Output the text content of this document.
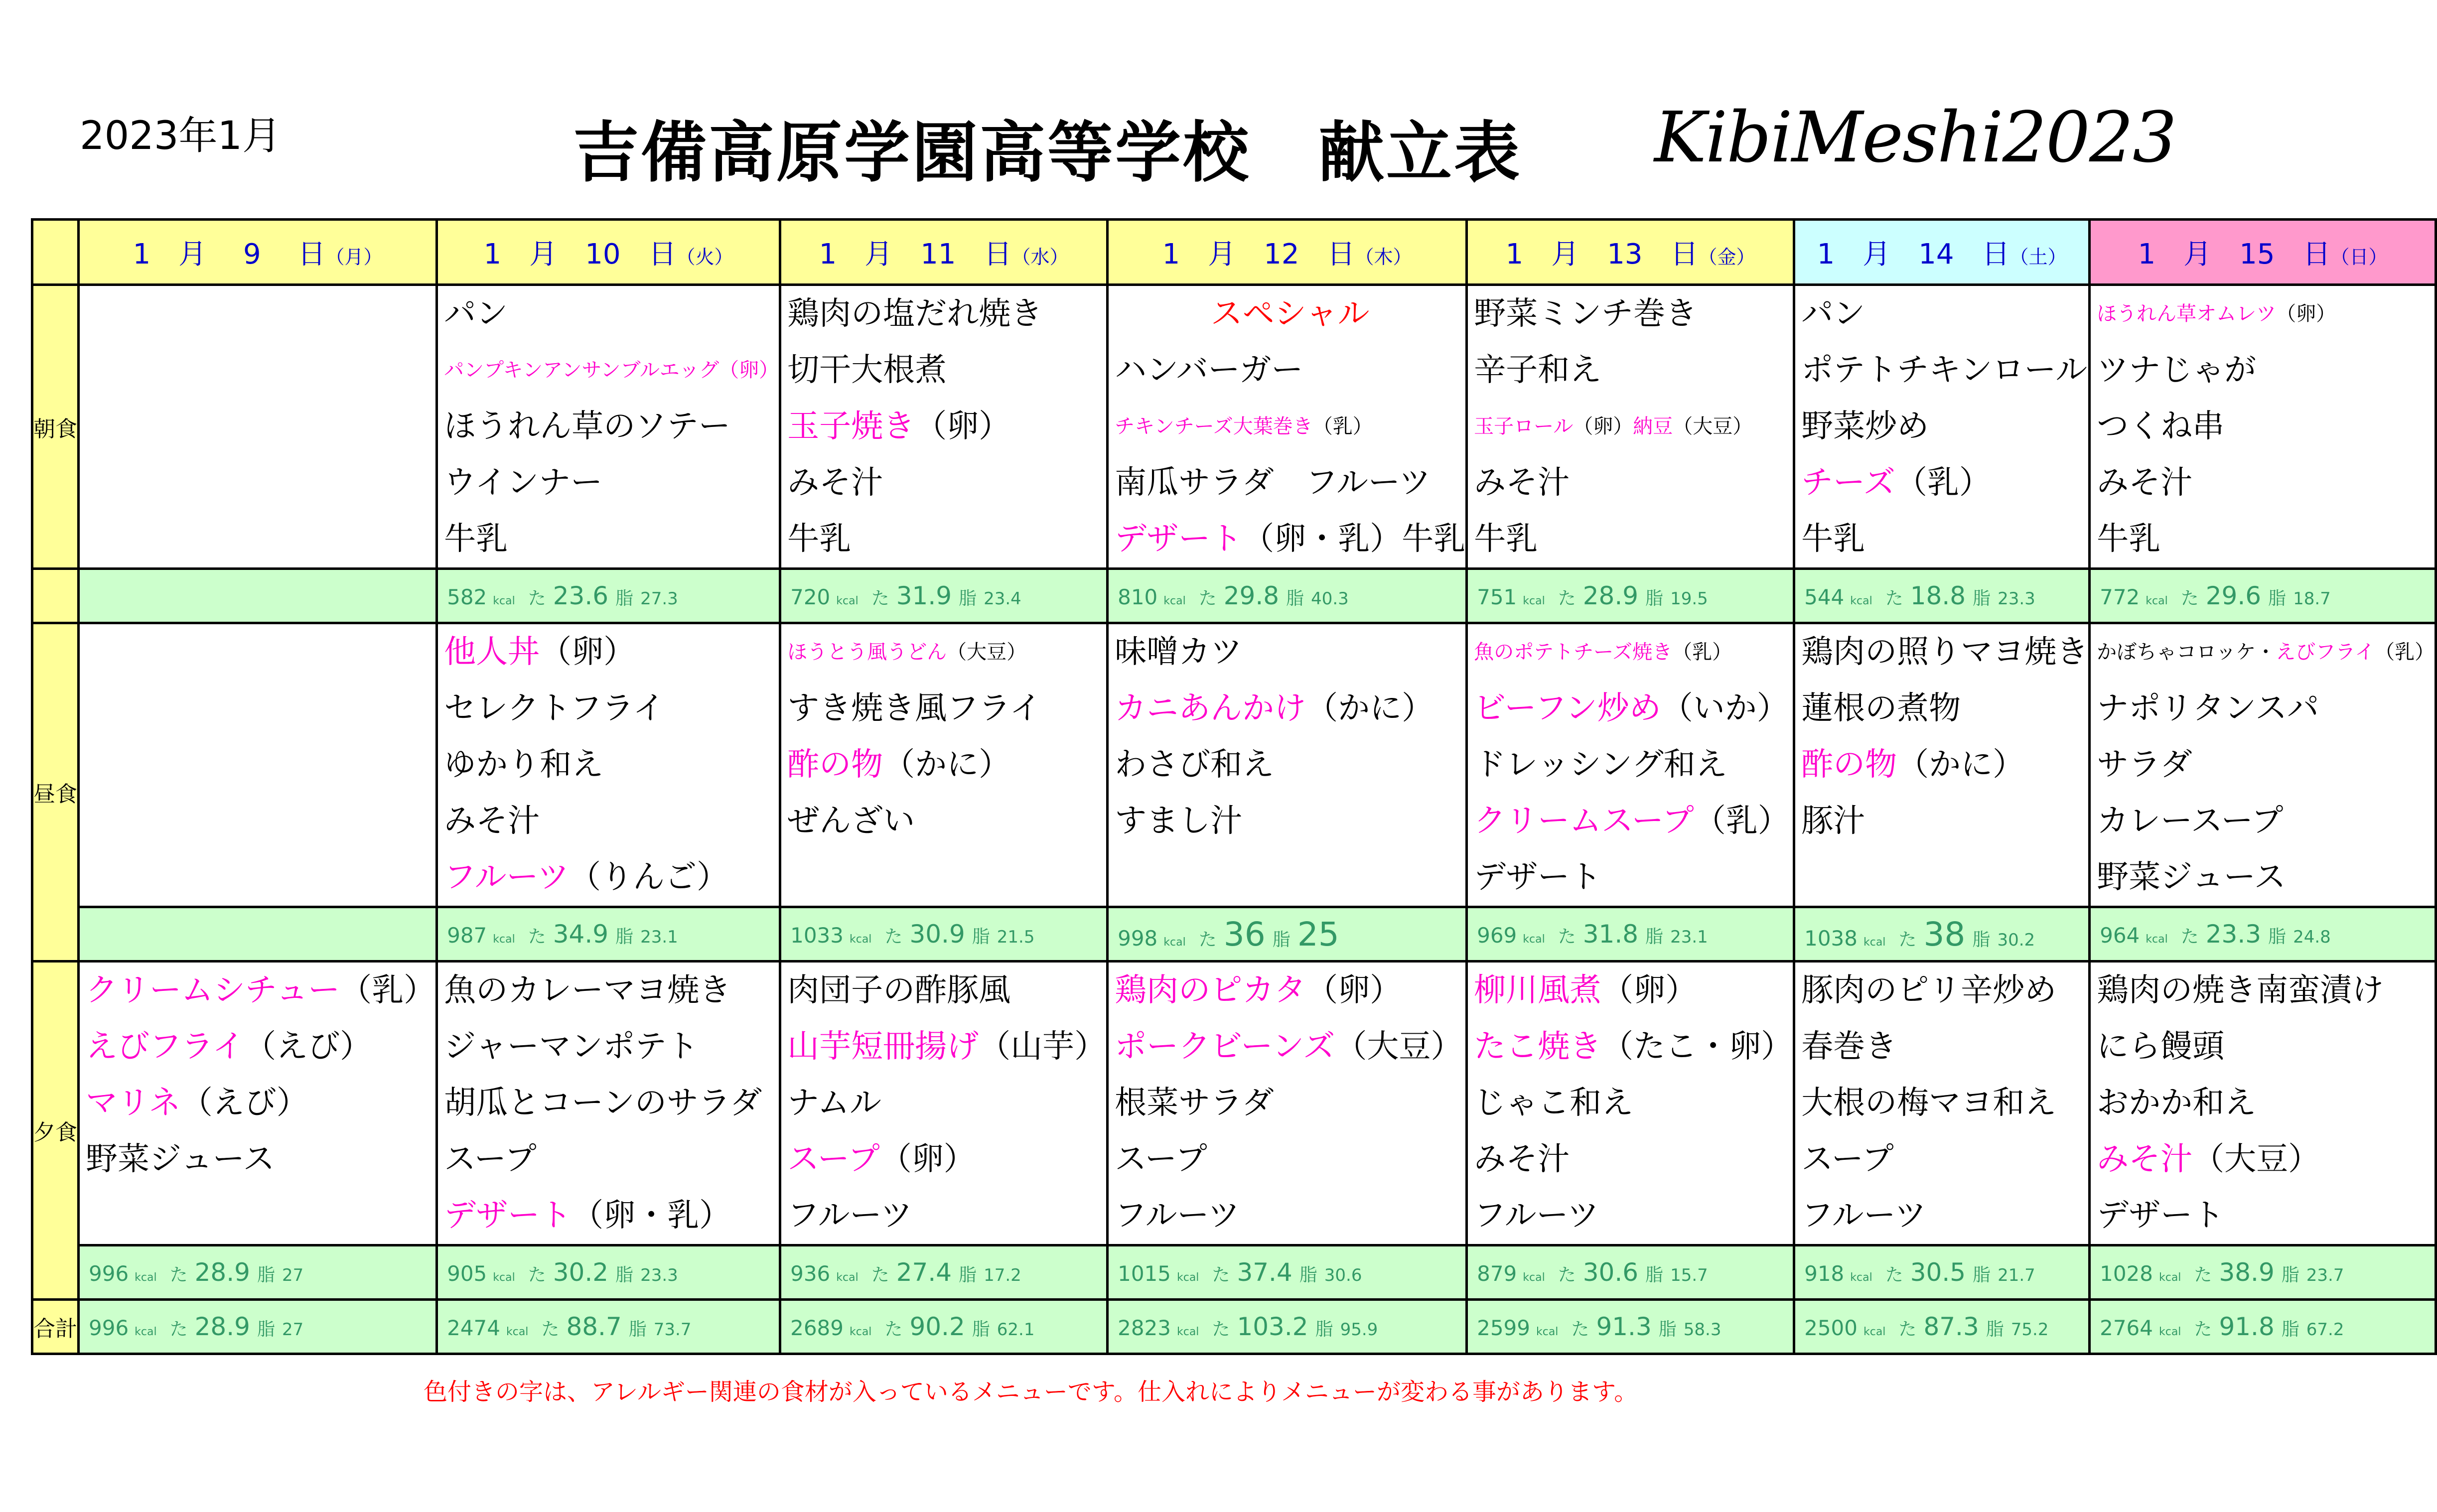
2023年1月	吉備高原学園高等学校　献立表 KibiMeshi2023
	1　月　 9 　日（月）	1　月　10　日（火）	1　月　11　日（水）	1　月　12　日（木）	1　月　13　日（金）	1　月　14　日（土）	1　月　15　日（日）
朝食		パン
パンプキンアンサンブルエッグ（卵）
ほうれん草のソテー
ウインナー
牛乳	鶏肉の塩だれ焼き
切干大根煮
玉子焼き（卵）
みそ汁
牛乳	スペシャル
ハンバーガー
チキンチーズ大葉巻き（乳）
南瓜サラダ　フルーツ
デザート（卵・乳）牛乳	野菜ミンチ巻き
辛子和え
玉子ロール（卵）納豆（大豆）
みそ汁
牛乳	パン
ポテトチキンロール
野菜炒め
チーズ（乳）
牛乳	ほうれん草オムレツ（卵）
ツナじゃが
つくね串
みそ汁
牛乳

		582 kcal た 23.6 脂 27.3	720 kcal た 31.9 脂 23.4	810 kcal た 29.8 脂 40.3	751 kcal た 28.9 脂 19.5	544 kcal た 18.8 脂 23.3	772 kcal た 29.6 脂 18.7
昼食		他人丼（卵）
セレクトフライ
ゆかり和え
みそ汁
フルーツ（りんご）	ほうとう風うどん（大豆）
すき焼き風フライ
酢の物（かに）
ぜんざい	味噌カツ
カニあんかけ（かに）
わさび和え
すまし汁	魚のポテトチーズ焼き（乳）
ビーフン炒め（いか）
ドレッシング和え
クリームスープ（乳）
デザート	鶏肉の照りマヨ焼き
蓮根の煮物
酢の物（かに）
豚汁	かぼちゃコロッケ・えびフライ（乳）
ナポリタンスパ
サラダ
カレースープ
野菜ジュース

		987 kcal た 34.9 脂 23.1	1033 kcal た 30.9 脂 21.5	998 kcal た 36 脂 25	969 kcal た 31.8 脂 23.1	1038 kcal た 38 脂 30.2	964 kcal た 23.3 脂 24.8
夕食	クリームシチュー（乳）
えびフライ（えび）
マリネ（えび）
野菜ジュース	魚のカレーマヨ焼き
ジャーマンポテト
胡瓜とコーンのサラダ
スープ
デザート（卵・乳）	肉団子の酢豚風
山芋短冊揚げ（山芋）
ナムル
スープ（卵）
フルーツ	鶏肉のピカタ（卵）
ポークビーンズ（大豆）
根菜サラダ
スープ
フルーツ	柳川風煮（卵）
たこ焼き（たこ・卵）
じゃこ和え
みそ汁
フルーツ	豚肉のピリ辛炒め
春巻き
大根の梅マヨ和え
スープ
フルーツ	鶏肉の焼き南蛮漬け
にら饅頭
おかか和え
みそ汁（大豆）
デザート

	996 kcal た 28.9 脂 27	905 kcal た 30.2 脂 23.3	936 kcal た 27.4 脂 17.2	1015 kcal た 37.4 脂 30.6	879 kcal た 30.6 脂 15.7	918 kcal た 30.5 脂 21.7	1028 kcal た 38.9 脂 23.7
合計	996 kcal た 28.9 脂 27	2474 kcal た 88.7 脂 73.7	2689 kcal た 90.2 脂 62.1	2823 kcal た 103.2 脂 95.9	2599 kcal た 91.3 脂 58.3	2500 kcal た 87.3 脂 75.2	2764 kcal た 91.8 脂 67.2
色付きの字は、アレルギー関連の食材が入っているメニューです。仕入れによりメニューが変わる事があります。
